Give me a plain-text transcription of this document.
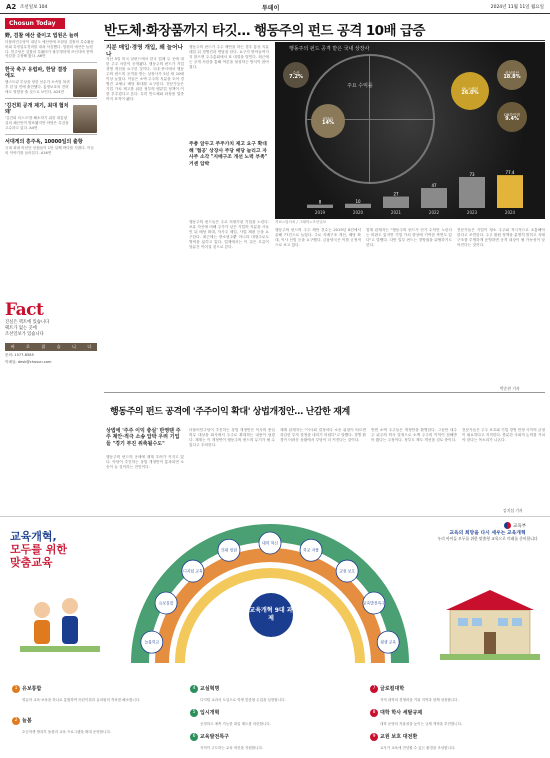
A2 조선일보 104	투데이	2024년 11월 11일 월요일
Chosun Today
野, 검찰 예산 줄이고 법원은 늘려
더불어민주당이 내년도 예산안에 포함된 검찰의 특수활동비와 특정업무경비를 대폭 삭감했다. 법원의 예산은 늘렸다. 민주당은 검찰의 특활비가 불투명하게 쓰인다며 전액 삭감을 주장해 왔다. A6면
한국 축구 유럽파, 한달 결장에도
햄스트링 부상을 당한 선수가 소속팀 복귀 후 한 달 만에 출전했다. 홍명보호의 전력에도 영향을 줄 것으로 보인다. A24면
'김건희 공개 제기, 최대 협치 돼'
'김건희 리스크'를 해소하기 위한 대통령실의 쇄신안이 발표됐지만 야당은 특검을 고수하고 있다. A4면
서대게의 흥주욕, 10000일의 출항
국내 최대 어선단 선원들이 1만 일째 바다를 지켰다. 이들의 이야기를 들어본다. A16면
Fact
진실은 펙트에 있습니다
팩트가 없는 곳에
조선일보가 있습니다
바	로	잡	습	니	다
문의: 1577-8585
이메일: desk@chosun.com
반도체·화장품까지 타깃… 행동주의 펀드 공격 10배 급증
지분 매입·경영 개입, 왜 늘어나나
지난 5일 미국 알펀드에서 한국 업체 두 곳에 대한 주주 서한이 공개됐다. 행동주의 펀드가 기업 경영 개선을 요구한 것이다. 국내 증시에서 행동주의 펀드의 공격을 받는 상장사가 5년 새 10배 이상 늘었다. 이들은 소액 주주의 지분을 모아 경영진 교체나 배당 확대를 요구한다. 전문가들은 기업 가치 제고를 위한 정부의 밸류업 정책이 이를 부추겼다고 본다. 특히 반도체와 화장품 업종까지 표적이 됐다.
행동주의 펀드가 주주 제안을 하는 경우 통상 지분 매입 뒤 경영진과 면담을 한다. 요구가 받아들여지지 않으면 주주총회에서 표 대결을 벌인다. 최근에는 공개 서한을 통해 여론을 형성하는 방식이 많아졌다.
주총 앞두고 주주가치 제고 요구 확대해 '협공' 상장사 주당 배당 늘리고 자사주 소각 "지배구조 개선 노력 부족" 거센 압박
행동주의 펀드들은 주로 저평가된 기업을 노린다. 보유 자산에 비해 주가가 낮은 기업의 지분을 사들인 뒤 배당 확대, 자사주 매입, 사업 재편 등을 요구한다. 최근에는 중소형주뿐 아니라 대형주로도 영역을 넓히고 있다. 업계에서는 이 같은 흐름이 당분간 이어질 것으로 본다.
행동주의 펀드 공격 받은 국내 상장사
주요 수익률	SK 스퀘어
26.0%
삼성물산
18.8%
KT&G
14%
DB하이텍
9.4%
수산
7.2%
8
2019
10
2020
27
2021
47
2022
73
2023
77.4
2024
자료=딥서치 / 그래픽=조선일보
행동주의 펀드의 주주 제안 건수는 2019년 8건에서 올해 77건으로 늘었다. 주로 지배구조 개선, 배당 확대, 이사 선임 등을 요구했다. 금융당국은 이를 긍정적으로 보고 있다.
업계 관계자는 "행동주의 펀드가 단기 수익만 노린다는 비판도 있지만 기업 가치 향상에 기여한 측면도 있다"고 말했다. 다만 일부 펀드는 경영권을 위협하기도 한다.
전문가들은 기업이 평소 주주와 적극적으로 소통해야 한다고 조언한다. 주주 환원 정책을 분명히 밝히고 지배구조를 투명하게 운영하면 공격 대상이 될 가능성이 낮아진다는 것이다.
박순찬 기자
행동주의 펀드 공격에 '주주이익 확대' 상법개정안… 난감한 재계
상법에 '주주 이익 충실' 반영땐 주주 제안·적극 소송 압박 우려 기업들 "경기 부진 위축될수도"
행동주의 펀드의 공세에 재계 우려가 커지고 있다. 야당이 추진하는 상법 개정안이 통과되면 소송이 늘 것이라는 전망이다.
더불어민주당이 추진하는 상법 개정안은 이사의 충실 의무 대상을 회사에서 주주로 확대하는 내용이 담겼다. 재계는 이 개정안이 행동주의 펀드의 무기가 될 수 있다고 우려한다.
재계 관계자는 "이사회 결정마다 소송 위험이 따르면 과감한 투자 결정을 내리기 어렵다"고 말했다. 경영 환경이 어려운 상황에서 부담이 더 커진다는 것이다.
반면 소액 주주들은 개정안을 환영한다. 그동안 대주주 위주의 의사 결정으로 소액 주주의 이익이 침해받아 왔다는 주장이다. 정부도 제도 개선을 검토 중이다.
전문가들은 주주 보호와 기업 경영 안정 사이의 균형이 필요하다고 지적한다. 충분한 사회적 논의를 거쳐야 한다는 목소리가 나온다.
김지섭 기자
교육개혁,
모두를 위한
맞춤교육
교육부
교육의 희망을 다시 세우는 교육개혁
우리 아이들 모두를 위한 맞춤형 교육으로 미래를 준비합니다
늘봄학교
유보통합
디지털 교육
의대 정원
대학 혁신
학교 자율
교권 보호
교육발전특구
평생 교육
교육개혁 9대 과제
1 유보통합
영유아 교육·보육을 하나로 통합하여 어린이집과 유치원의 격차를 해소합니다.
2 늘봄
초등학생 방과후 돌봄과 교육 프로그램을 확대 운영합니다.
4 교실혁명
디지털 교과서 도입으로 학생 맞춤형 수업을 실현합니다.
5 입시개혁
공정하고 예측 가능한 대입 제도를 마련합니다.
6 교육발전특구
지역이 주도하는 교육 혁신을 지원합니다.
7 글로컬대학
지역 대학의 경쟁력을 키워 지역과 함께 성장합니다.
8 대학 학사 세탈규제
대학 운영의 자율성을 높이는 규제 개혁을 추진합니다.
9 교원 보호 대전환
교사가 교육에 전념할 수 있는 환경을 조성합니다.
